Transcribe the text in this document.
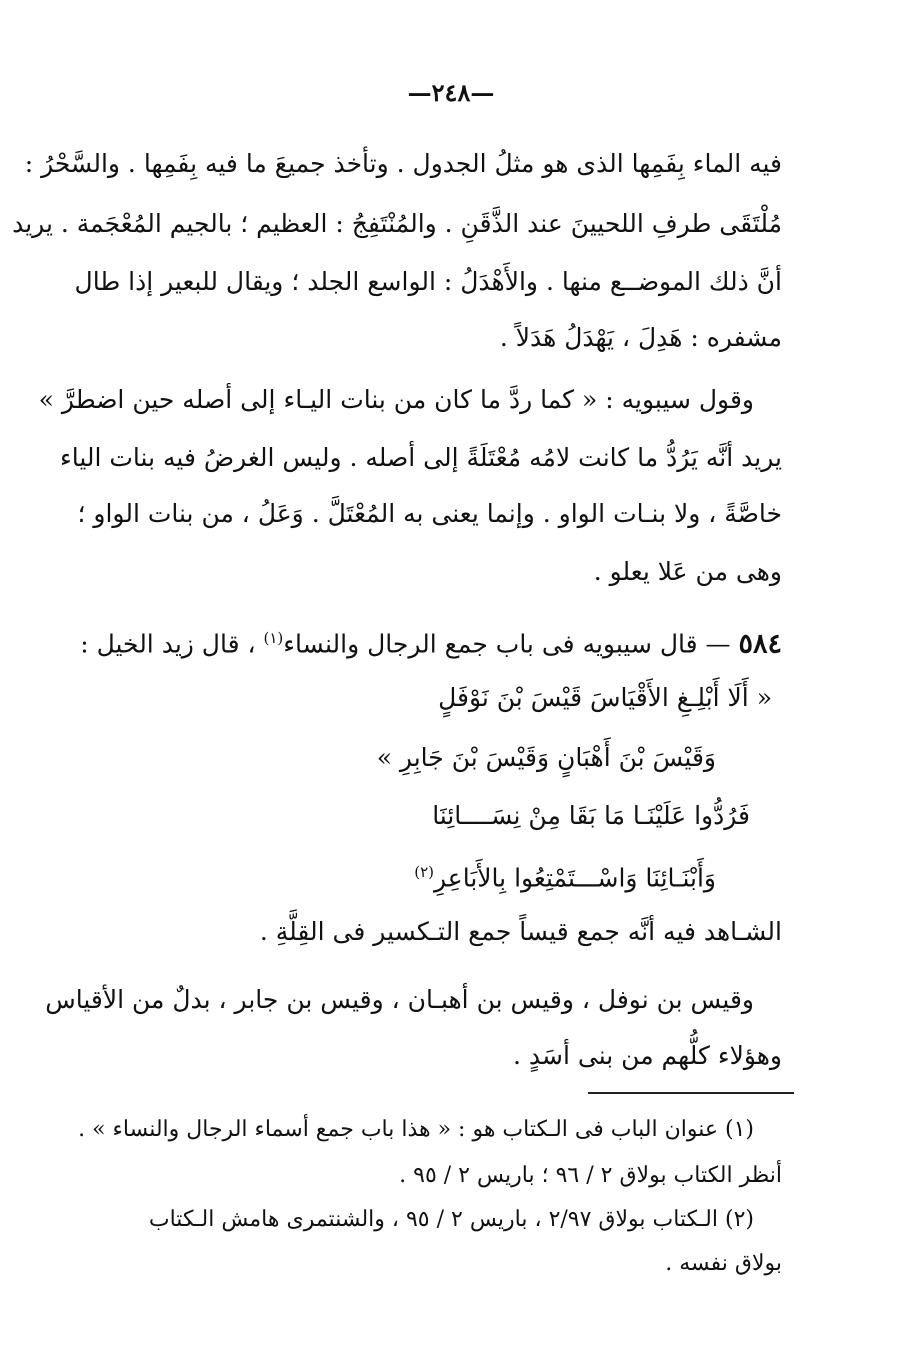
—٢٤٨—
فيه الماء بِفَمِها الذى هو مثلُ الجدول . وتأخذ جميعَ ما فيه بِفَمِها . والسَّحْرُ :
مُلْتَقَى طرفِ اللحيينَ عند الذَّقَنِ . والمُنْتَفِجُ : العظيم ؛ بالجيم المُعْجَمة . يريد
أنَّ ذلك الموضــع منها . والأَهْدَلُ : الواسع الجلد ؛ ويقال للبعير إذا طال
مشفره : هَدِلَ ، يَهْدَلُ هَدَلاً .
وقول سيبويه : « كما ردَّ ما كان من بنات اليـاء إلى أصله حين اضطرَّ »
يريد أنَّه يَرُدُّ ما كانت لامُه مُعْتَلَةً إلى أصله . وليس الغرضُ فيه بنات الياء
خاصَّةً ، ولا بنـات الواو . وإنما يعنى به المُعْتَلَّ . وَعَلُ ، من بنات الواو ؛
وهى من عَلا يعلو .
٥٨٤ — قال سيبويه فى باب جمع الرجال والنساء$^{(١)}$ ، قال زيد الخيل :
« أَلَا أَبْلِـغِ الأَقْيَاسَ قَيْسَ بْنَ نَوْفَلٍ
وَقَيْسَ بْنَ أَهْبَانٍ وَقَيْسَ بْنَ جَابِرِ »
فَرُدُّوا عَلَيْنَـا مَا بَقَا مِنْ نِسَــــائِنَا
وَأَبْنَـائِنَا وَاسْـــتَمْتِعُوا بِالأَبَاعِرِ$^{(٢)}$
الشـاهد فيه أنَّه جمع قيساً جمع التـكسير فى القِلَّةِ .
وقيس بن نوفل ، وقيس بن أهبـان ، وقيس بن جابر ، بدلٌ من الأقياس
وهؤلاء كلُّهم من بنى أسَدٍ .
(١) عنوان الباب فى الـكتاب هو : « هذا باب جمع أسماء الرجال والنساء » .
أنظر الكتاب بولاق ٢ / ٩٦ ؛ باريس ٢ / ٩٥ .
(٢) الـكتاب بولاق ٢/٩٧ ، باريس ٢ / ٩٥ ، والشنتمرى هامش الـكتاب
بولاق نفسه .
